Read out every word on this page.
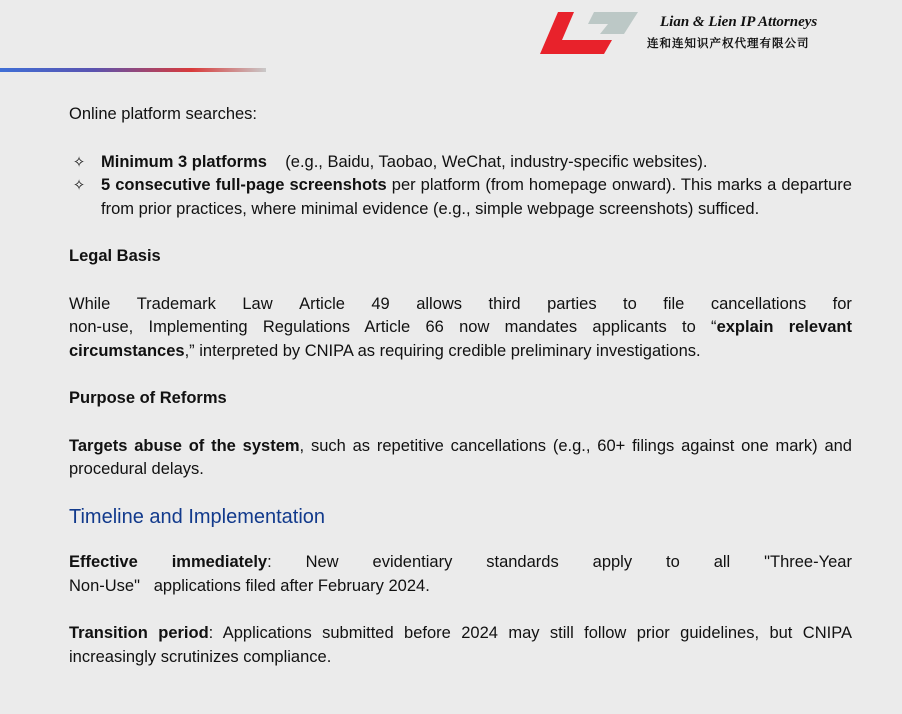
Lian & Lien IP Attorneys
连和连知识产权代理有限公司

Online platform searches:

✧ Minimum 3 platforms (e.g., Baidu, Taobao, WeChat, industry-specific websites).
✧ 5 consecutive full-page screenshots per platform (from homepage onward). This marks a departure from prior practices, where minimal evidence (e.g., simple webpage screenshots) sufficed.

Legal Basis

While Trademark Law Article 49 allows third parties to file cancellations for

non-use, Implementing Regulations Article 66 now mandates applicants to “explain relevant circumstances,” interpreted by CNIPA as requiring credible preliminary investigations.

Purpose of Reforms

Targets abuse of the system, such as repetitive cancellations (e.g., 60+ filings against one mark) and procedural delays.

Timeline and Implementation

Effective immediately: New evidentiary standards apply to all "Three-Year

Non-Use"   applications filed after February 2024.

Transition period: Applications submitted before 2024 may still follow prior guidelines, but CNIPA increasingly scrutinizes compliance.
